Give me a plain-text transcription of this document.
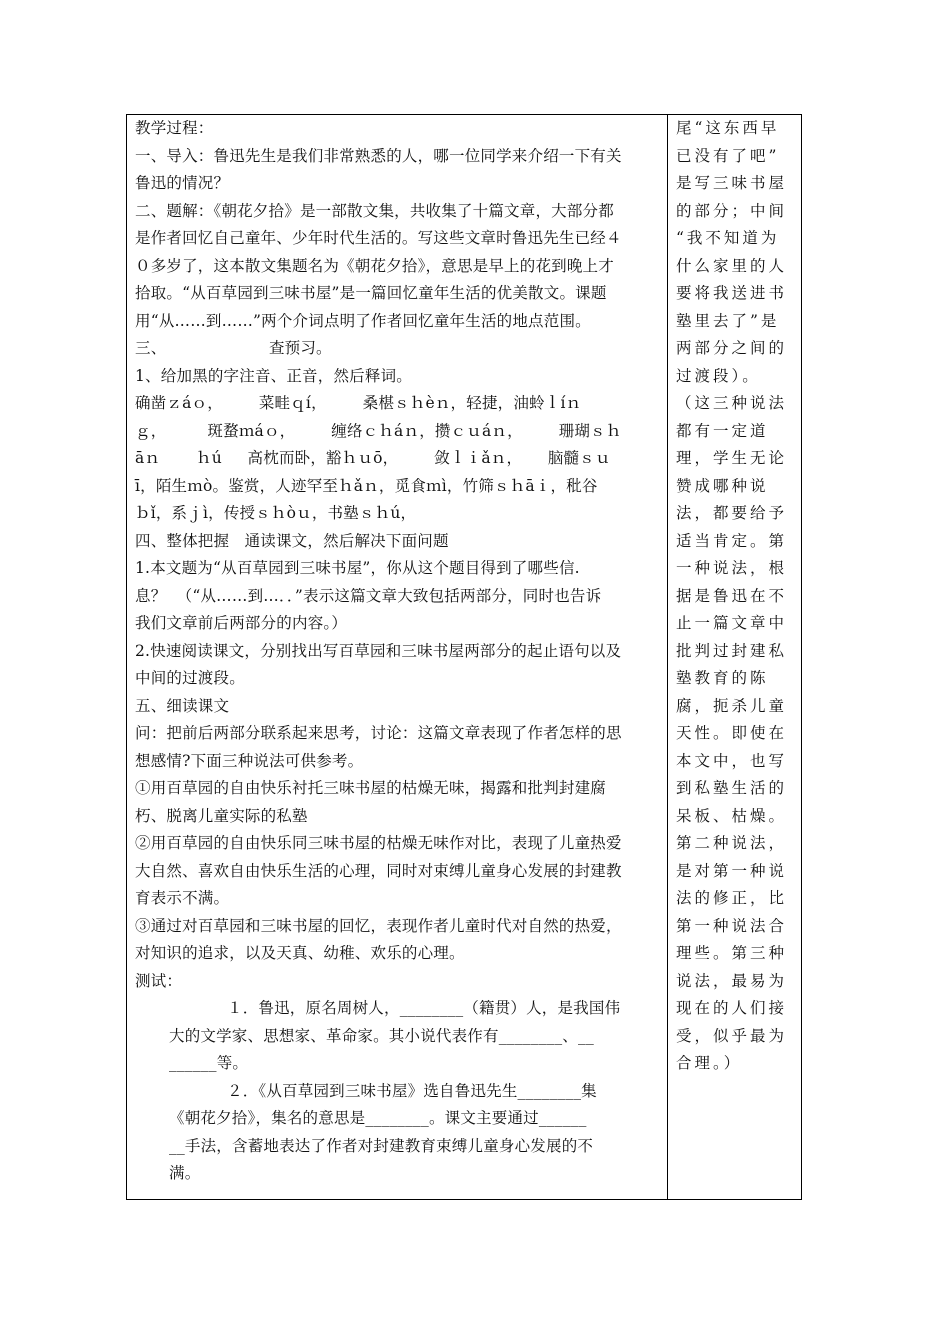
教学过程：
一、导入：鲁迅先生是我们非常熟悉的人，哪一位同学来介绍一下有关
鲁迅的情况？
二、题解：《朝花夕拾》是一部散文集，共收集了十篇文章，大部分都
是作者回忆自己童年、少年时代生活的。写这些文章时鲁迅先生已经４
０多岁了，这本散文集题名为《朝花夕拾》，意思是早上的花到晚上才
拾取。“从百草园到三味书屋”是一篇回忆童年生活的优美散文。课题
用“从……到……”两个介词点明了作者回忆童年生活的地点范围。
三、                    查预习。
1、给加黑的字注音、正音，然后释词。
确凿ｚáｏ，       菜畦ｑí，       桑椹ｓｈèｎ，轻捷，油蛉ｌíｎ
ｇ，        斑蝥ｍáｏ，       缠络ｃｈáｎ，攒ｃｕáｎ，       珊瑚ｓｈ
āｎ       ｈú     高枕而卧，豁ｈｕō，       敛ｌｉǎｎ，     脑髓ｓｕ
ī，陌生ｍò。鉴赏，人迹罕至ｈǎｎ，觅食ｍì，竹筛ｓｈāｉ，秕谷
ｂǐ，系ｊì，传授ｓｈòｕ，书塾ｓｈú，
四、整体把握   通读课文，然后解决下面问题
1.本文题为“从百草园到三味书屋”，你从这个题目得到了哪些信.
息？  （“从……到…．．”表示这篇文章大致包括两部分，同时也告诉
我们文章前后两部分的内容。）
2.快速阅读课文，分别找出写百草园和三味书屋两部分的起止语句以及
中间的过渡段。
五、细读课文
问：把前后两部分联系起来思考，讨论：这篇文章表现了作者怎样的思
想感情?下面三种说法可供参考。
①用百草园的自由快乐衬托三味书屋的枯燥无味，揭露和批判封建腐
朽、脱离儿童实际的私塾
②用百草园的自由快乐同三味书屋的枯燥无味作对比，表现了儿童热爱
大自然、喜欢自由快乐生活的心理，同时对束缚儿童身心发展的封建教
育表示不满。
③通过对百草园和三味书屋的回忆，表现作者儿童时代对自然的热爱，
对知识的追求，以及天真、幼稚、欢乐的心理。
测试：
１．鲁迅，原名周树人，________（籍贯）人，是我国伟
大的文学家、思想家、革命家。其小说代表作有________、__
______等。
２．《从百草园到三味书屋》选自鲁迅先生________集
《朝花夕拾》，集名的意思是________。课文主要通过______
__手法，含蓄地表达了作者对封建教育束缚儿童身心发展的不
满。
尾“这东西早
已没有了吧”
是写三味书屋
的部分；中间
“我不知道为
什么家里的人
要将我送进书
塾里去了”是
两部分之间的
过渡段）。
（这三种说法
都有一定道
理，学生无论
赞成哪种说
法，都要给予
适当肯定。第
一种说法，根
据是鲁迅在不
止一篇文章中
批判过封建私
塾教育的陈
腐，扼杀儿童
天性。即使在
本文中，也写
到私塾生活的
呆板、枯燥。
第二种说法，
是对第一种说
法的修正，比
第一种说法合
理些。第三种
说法，最易为
现在的人们接
受，似乎最为
合理。）
